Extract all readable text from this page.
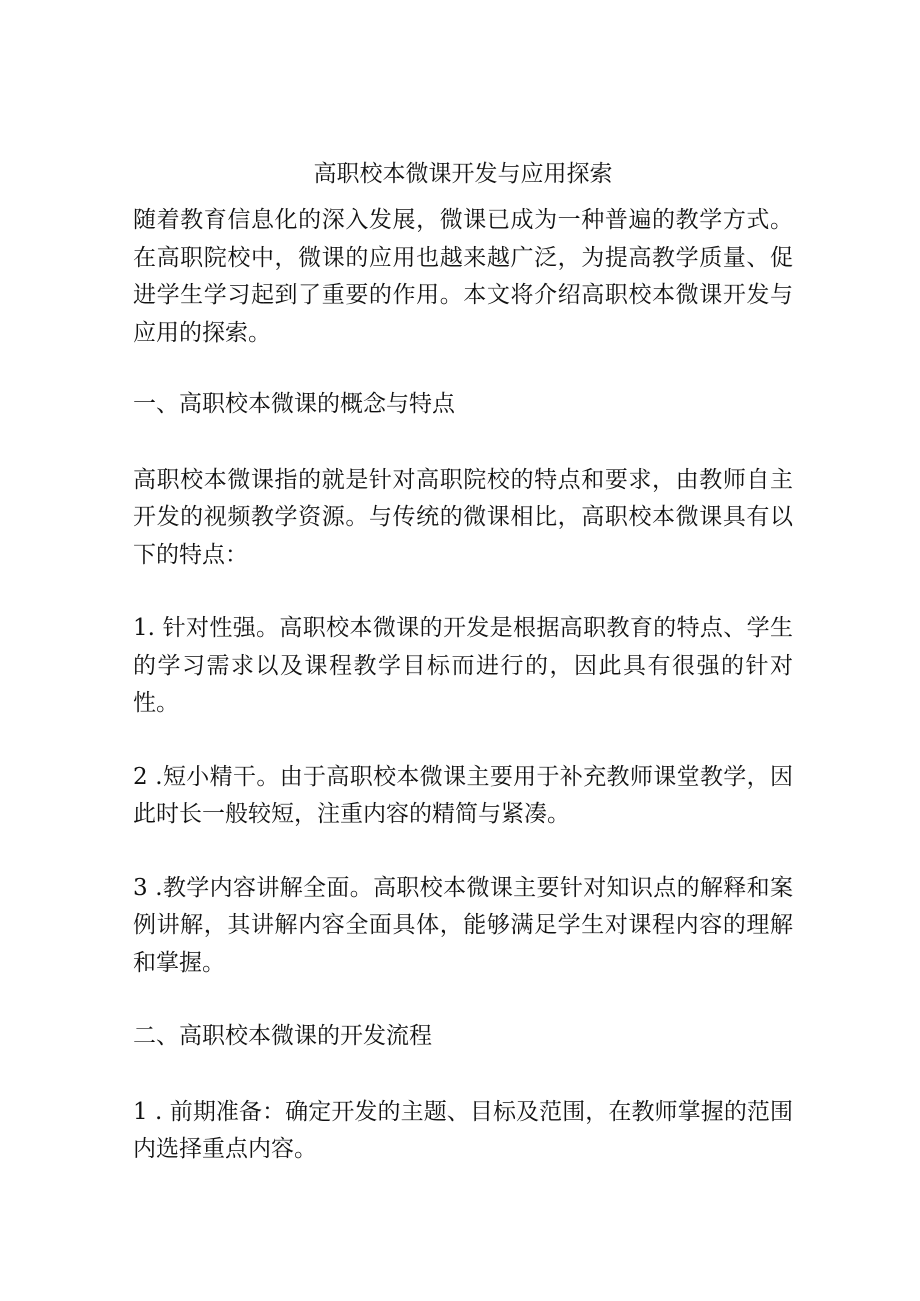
高职校本微课开发与应用探索

随着教育信息化的深入发展，微课已成为一种普遍的教学方式。在高职院校中，微课的应用也越来越广泛，为提高教学质量、促进学生学习起到了重要的作用。本文将介绍高职校本微课开发与应用的探索。

一、高职校本微课的概念与特点

高职校本微课指的就是针对高职院校的特点和要求，由教师自主开发的视频教学资源。与传统的微课相比，高职校本微课具有以下的特点：

1. 针对性强。高职校本微课的开发是根据高职教育的特点、学生的学习需求以及课程教学目标而进行的，因此具有很强的针对性。

2 .短小精干。由于高职校本微课主要用于补充教师课堂教学，因此时长一般较短，注重内容的精简与紧凑。

3 .教学内容讲解全面。高职校本微课主要针对知识点的解释和案例讲解，其讲解内容全面具体，能够满足学生对课程内容的理解和掌握。

二、高职校本微课的开发流程

1 . 前期准备：确定开发的主题、目标及范围，在教师掌握的范围内选择重点内容。
